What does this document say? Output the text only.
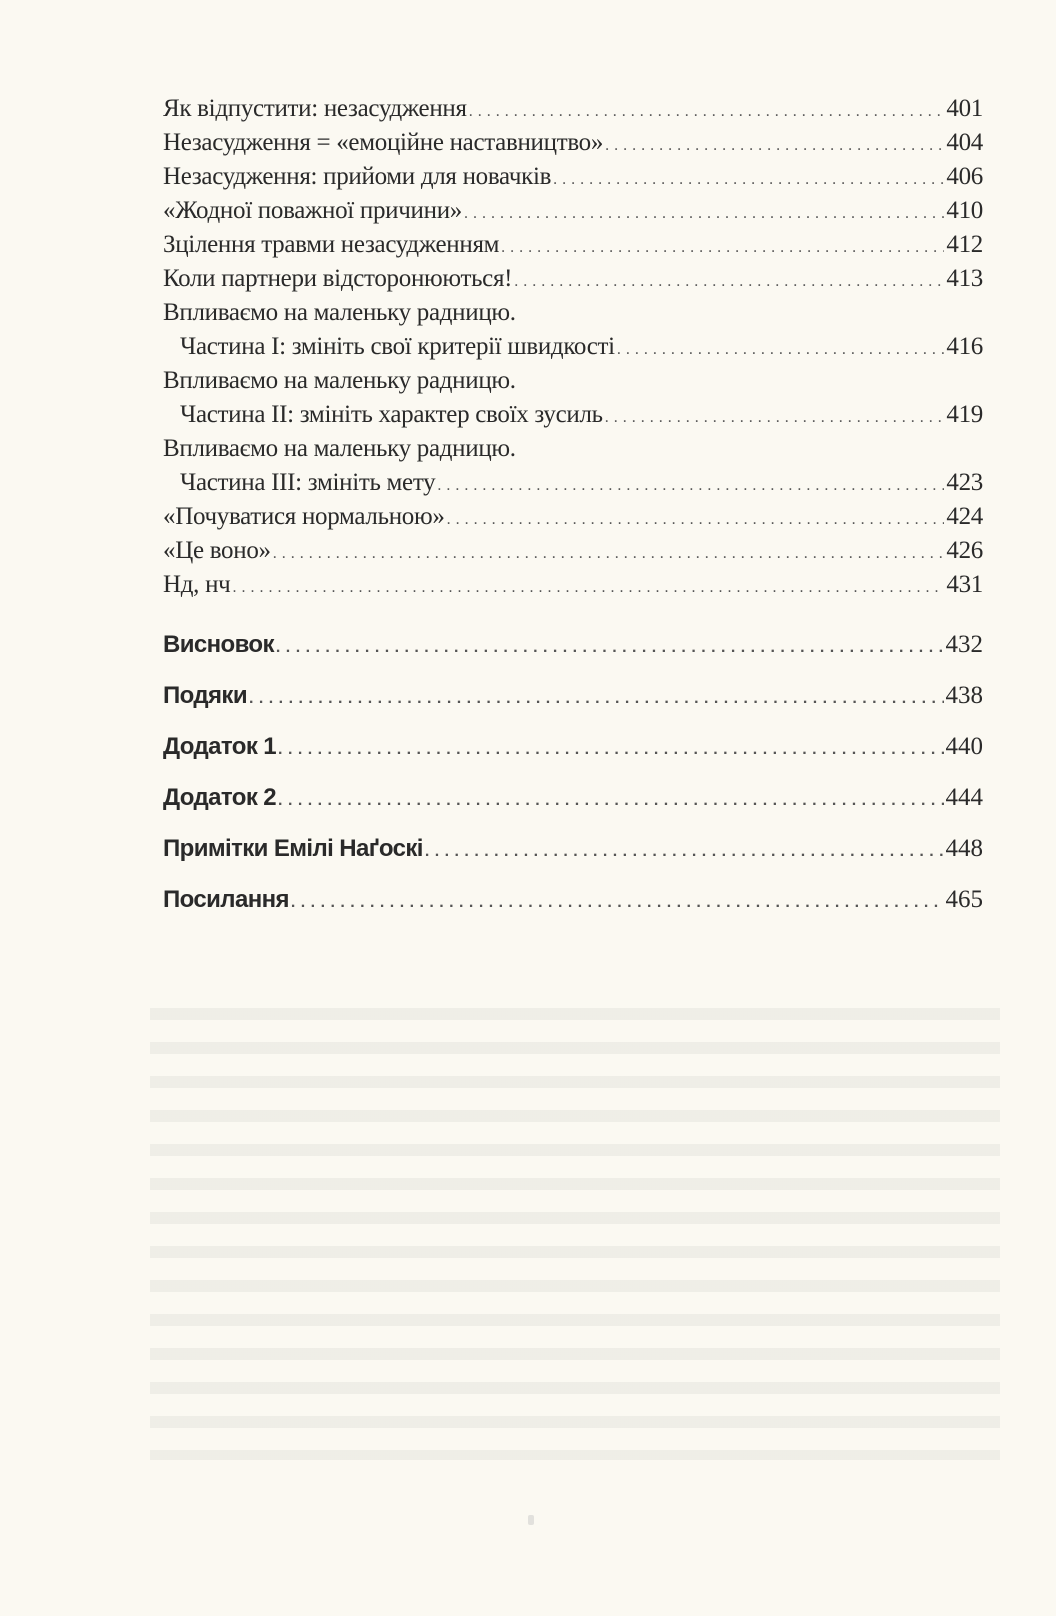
Як відпустити: незасудження . . .	401
Незасудження = «емоційне наставництво» . . .	404
Незасудження: прийоми для новачків . . .	406
«Жодної поважної причини» . . .	410
Зцілення травми незасудженням . . .	412
Коли партнери відсторонюються! . . .	413
Впливаємо на маленьку радницю.
Частина І: змініть свої критерії швидкості . . .	416
Впливаємо на маленьку радницю.
Частина ІІ: змініть характер своїх зусиль . . .	419
Впливаємо на маленьку радницю.
Частина ІІІ: змініть мету . . .	423
«Почуватися нормальною» . . .	424
«Це воно» . . .	426
Нд, нч . . .	431
Висновок . . .	432
Подяки . . .	438
Додаток 1 . . .	440
Додаток 2 . . .	444
Примітки Емілі Наґоскі . . .	448
Посилання . . .	465
